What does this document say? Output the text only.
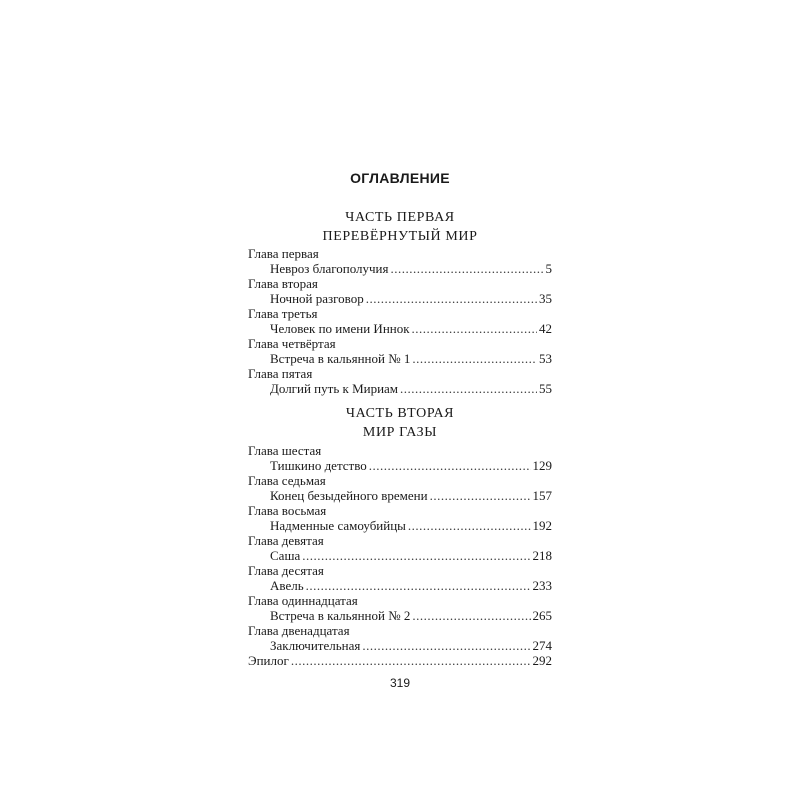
ОГЛАВЛЕНИЕ
ЧАСТЬ ПЕРВАЯ
ПЕРЕВЁРНУТЫЙ МИР
Глава первая
Невроз благополучия .....	5
Глава вторая
Ночной разговор .....	35
Глава третья
Человек по имени Иннок .....	42
Глава четвёртая
Встреча в кальянной № 1 .....	53
Глава пятая
Долгий путь к Мириам .....	55
ЧАСТЬ ВТОРАЯ
МИР ГАЗЫ
Глава шестая
Тишкино детство .....	129
Глава седьмая
Конец безыдейного времени .....	157
Глава восьмая
Надменные самоубийцы .....	192
Глава девятая
Саша .....	218
Глава десятая
Авель .....	233
Глава одиннадцатая
Встреча в кальянной № 2 .....	265
Глава двенадцатая
Заключительная .....	274
Эпилог .....	292
319
